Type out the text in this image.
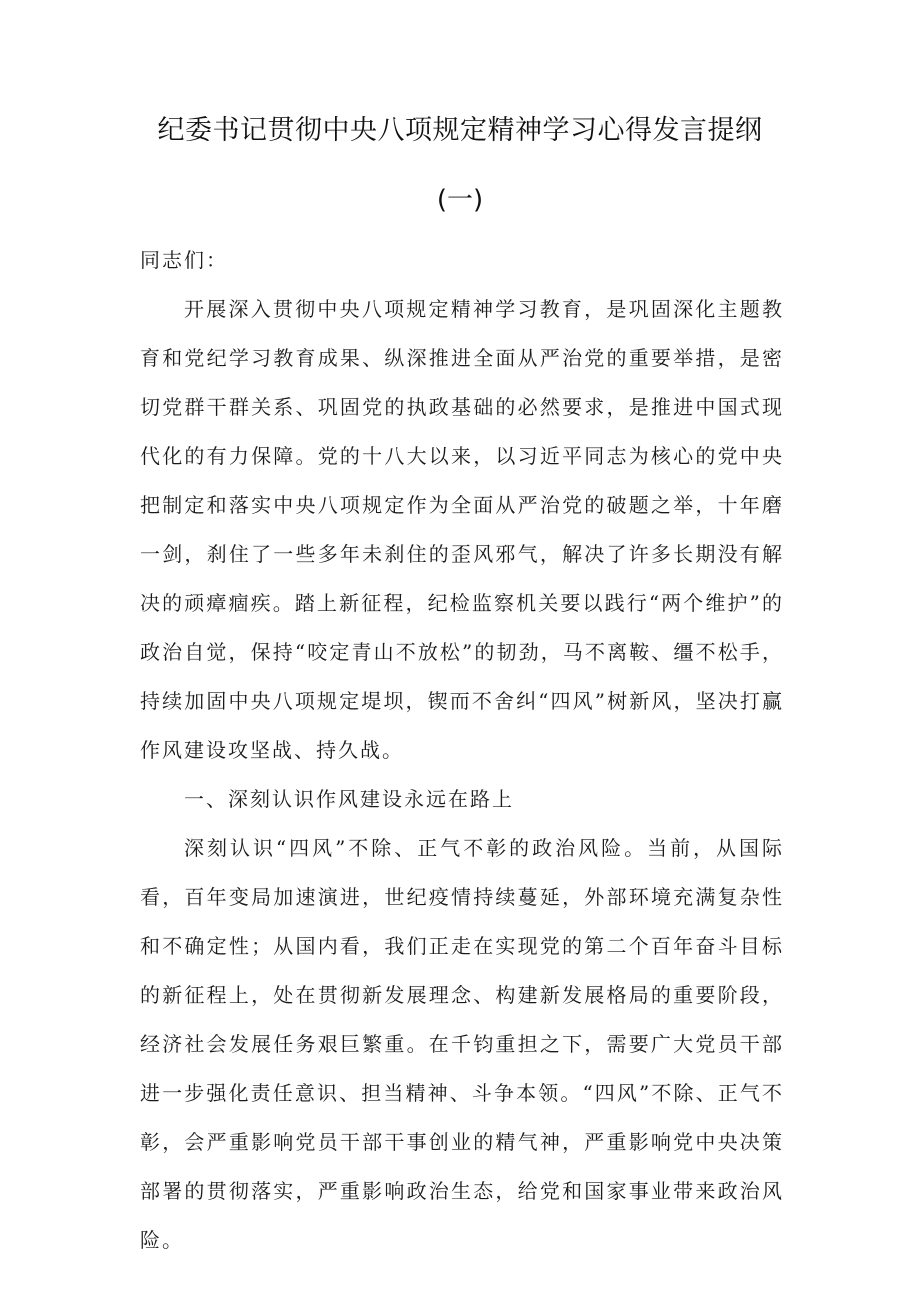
纪委书记贯彻中央八项规定精神学习心得发言提纲
(一)

同志们：

开展深入贯彻中央八项规定精神学习教育，是巩固深化主题教育和党纪学习教育成果、纵深推进全面从严治党的重要举措，是密切党群干群关系、巩固党的执政基础的必然要求，是推进中国式现代化的有力保障。党的十八大以来，以习近平同志为核心的党中央把制定和落实中央八项规定作为全面从严治党的破题之举，十年磨一剑，刹住了一些多年未刹住的歪风邪气，解决了许多长期没有解决的顽瘴痼疾。踏上新征程，纪检监察机关要以践行“两个维护”的政治自觉，保持“咬定青山不放松”的韧劲，马不离鞍、缰不松手，持续加固中央八项规定堤坝，锲而不舍纠“四风”树新风，坚决打赢作风建设攻坚战、持久战。

一、深刻认识作风建设永远在路上

深刻认识“四风”不除、正气不彰的政治风险。当前，从国际看，百年变局加速演进，世纪疫情持续蔓延，外部环境充满复杂性和不确定性；从国内看，我们正走在实现党的第二个百年奋斗目标的新征程上，处在贯彻新发展理念、构建新发展格局的重要阶段，经济社会发展任务艰巨繁重。在千钧重担之下，需要广大党员干部进一步强化责任意识、担当精神、斗争本领。“四风”不除、正气不彰，会严重影响党员干部干事创业的精气神，严重影响党中央决策部署的贯彻落实，严重影响政治生态，给党和国家事业带来政治风险。
